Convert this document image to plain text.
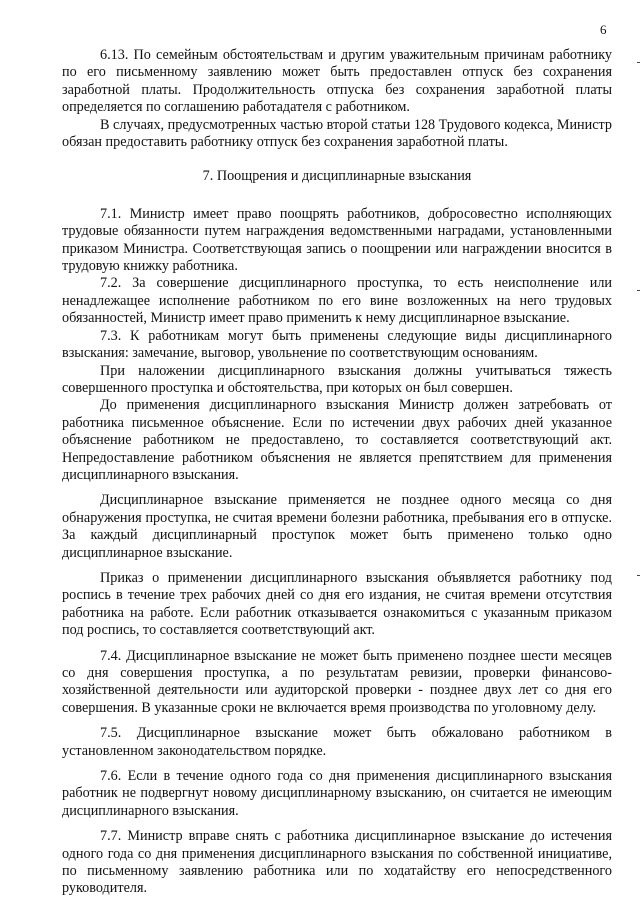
6

6.13. По семейным обстоятельствам и другим уважительным причинам работнику по его письменному заявлению может быть предоставлен отпуск без сохранения заработной платы. Продолжительность отпуска без сохранения заработной платы определяется по соглашению работадателя с работником.

В случаях, предусмотренных частью второй статьи 128 Трудового кодекса, Министр обязан предоставить работнику отпуск без сохранения заработной платы.

7. Поощрения и дисциплинарные взыскания

7.1. Министр имеет право поощрять работников, добросовестно исполняющих трудовые обязанности путем награждения ведомственными наградами, установленными приказом Министра. Соответствующая запись о поощрении или награждении вносится в трудовую книжку работника.

7.2. За совершение дисциплинарного проступка, то есть неисполнение или ненадлежащее исполнение работником по его вине возложенных на него трудовых обязанностей, Министр имеет право применить к нему дисциплинарное взыскание.

7.3. К работникам могут быть применены следующие виды дисциплинарного взыскания: замечание, выговор, увольнение по соответствующим основаниям.

При наложении дисциплинарного взыскания должны учитываться тяжесть совершенного проступка и обстоятельства, при которых он был совершен.

До применения дисциплинарного взыскания Министр должен затребовать от работника письменное объяснение. Если по истечении двух рабочих дней указанное объяснение работником не предоставлено, то составляется соответствующий акт. Непредоставление работником объяснения не является препятствием для применения дисциплинарного взыскания.

Дисциплинарное взыскание применяется не позднее одного месяца со дня обнаружения проступка, не считая времени болезни работника, пребывания его в отпуске. За каждый дисциплинарный проступок может быть применено только одно дисциплинарное взыскание.

Приказ о применении дисциплинарного взыскания объявляется работнику под роспись в течение трех рабочих дней со дня его издания, не считая времени отсутствия работника на работе. Если работник отказывается ознакомиться с указанным приказом под роспись, то составляется соответствующий акт.

7.4. Дисциплинарное взыскание не может быть применено позднее шести месяцев со дня совершения проступка, а по результатам ревизии, проверки финансово-хозяйственной деятельности или аудиторской проверки - позднее двух лет со дня его совершения. В указанные сроки не включается время производства по уголовному делу.

7.5. Дисциплинарное взыскание может быть обжаловано работником в установленном законодательством порядке.

7.6. Если в течение одного года со дня применения дисциплинарного взыскания работник не подвергнут новому дисциплинарному взысканию, он считается не имеющим дисциплинарного взыскания.

7.7. Министр вправе снять с работника дисциплинарное взыскание до истечения одного года со дня применения дисциплинарного взыскания по собственной инициативе, по письменному заявлению работника или по ходатайству его непосредственного руководителя.
